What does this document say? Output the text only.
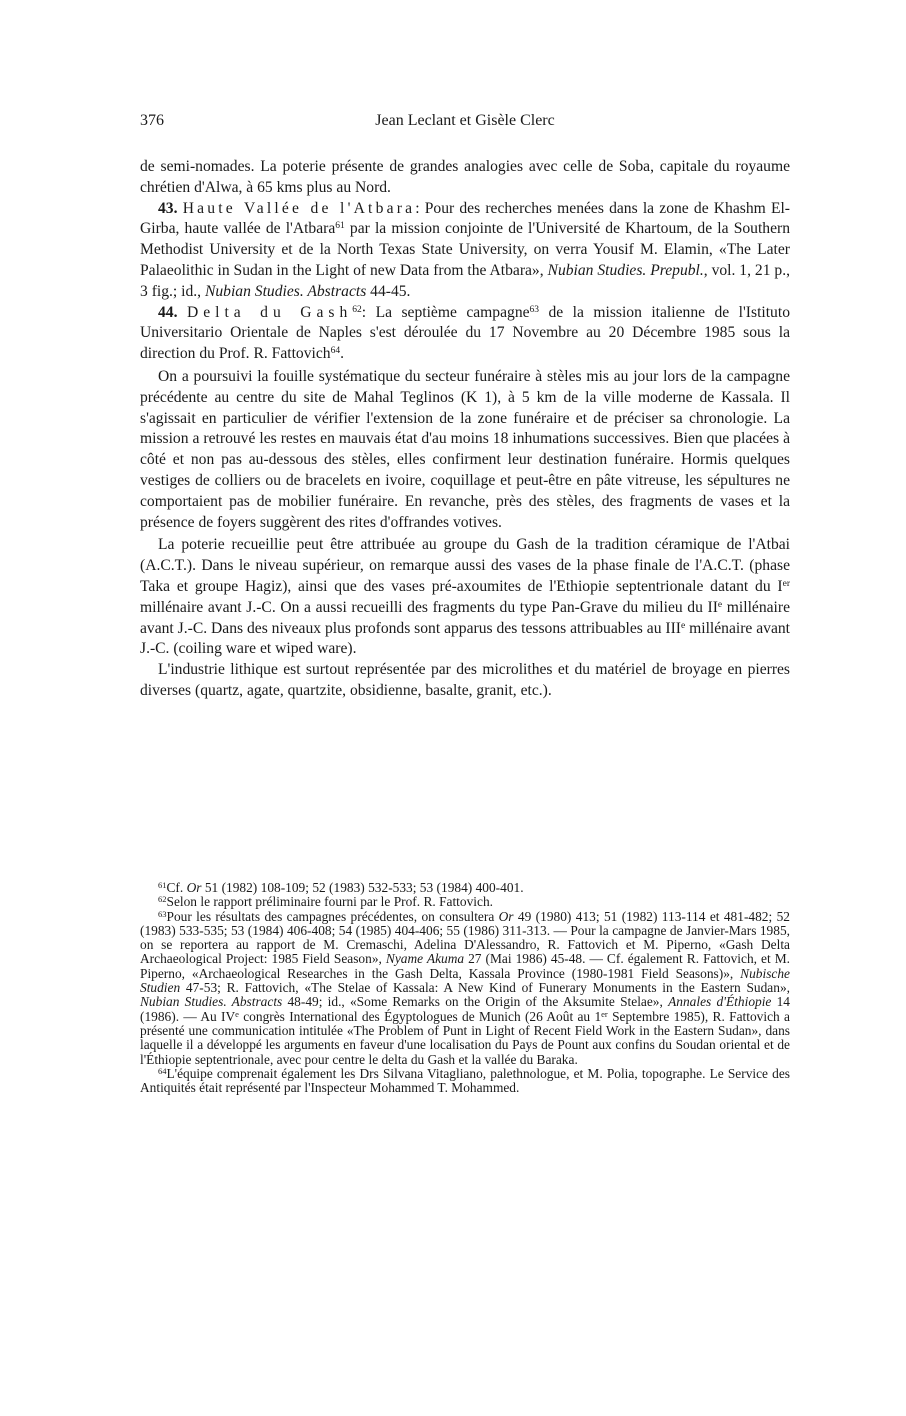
376	Jean Leclant et Gisèle Clerc

de semi-nomades. La poterie présente de grandes analogies avec celle de Soba, capitale du royaume chrétien d'Alwa, à 65 kms plus au Nord.

43. Haute Vallée de l'Atbara: Pour des recherches menées dans la zone de Khashm El-Girba, haute vallée de l'Atbara$^{61}$ par la mission conjointe de l'Université de Khartoum, de la Southern Methodist University et de la North Texas State University, on verra Yousif M. Elamin, «The Later Palaeolithic in Sudan in the Light of new Data from the Atbara», Nubian Studies. Prepubl., vol. 1, 21 p., 3 fig.; id., Nubian Studies. Abstracts 44-45.

44. Delta du Gash$^{62}$: La septième campagne$^{63}$ de la mission italienne de l'Istituto Universitario Orientale de Naples s'est déroulée du 17 Novembre au 20 Décembre 1985 sous la direction du Prof. R. Fattovich$^{64}$.

On a poursuivi la fouille systématique du secteur funéraire à stèles mis au jour lors de la campagne précédente au centre du site de Mahal Teglinos (K 1), à 5 km de la ville moderne de Kassala. Il s'agissait en particulier de vérifier l'extension de la zone funéraire et de préciser sa chronologie. La mission a retrouvé les restes en mauvais état d'au moins 18 inhumations successives. Bien que placées à côté et non pas au-dessous des stèles, elles confirment leur destination funéraire. Hormis quelques vestiges de colliers ou de bracelets en ivoire, coquillage et peut-être en pâte vitreuse, les sépultures ne comportaient pas de mobilier funéraire. En revanche, près des stèles, des fragments de vases et la présence de foyers suggèrent des rites d'offrandes votives.

La poterie recueillie peut être attribuée au groupe du Gash de la tradition céramique de l'Atbai (A.C.T.). Dans le niveau supérieur, on remarque aussi des vases de la phase finale de l'A.C.T. (phase Taka et groupe Hagiz), ainsi que des vases pré-axoumites de l'Ethiopie septentrionale datant du Ier millénaire avant J.-C. On a aussi recueilli des fragments du type Pan-Grave du milieu du IIe millénaire avant J.-C. Dans des niveaux plus profonds sont apparus des tessons attribuables au IIIe millénaire avant J.-C. (coiling ware et wiped ware).

L'industrie lithique est surtout représentée par des microlithes et du matériel de broyage en pierres diverses (quartz, agate, quartzite, obsidienne, basalte, granit, etc.).

$^{61}$Cf. Or 51 (1982) 108-109; 52 (1983) 532-533; 53 (1984) 400-401.

$^{62}$Selon le rapport préliminaire fourni par le Prof. R. Fattovich.

$^{63}$Pour les résultats des campagnes précédentes, on consultera Or 49 (1980) 413; 51 (1982) 113-114 et 481-482; 52 (1983) 533-535; 53 (1984) 406-408; 54 (1985) 404-406; 55 (1986) 311-313. — Pour la campagne de Janvier-Mars 1985, on se reportera au rapport de M. Cremaschi, Adelina D'Alessandro, R. Fattovich et M. Piperno, «Gash Delta Archaeological Project: 1985 Field Season», Nyame Akuma 27 (Mai 1986) 45-48. — Cf. également R. Fattovich, et M. Piperno, «Archaeological Researches in the Gash Delta, Kassala Province (1980-1981 Field Seasons)», Nubische Studien 47-53; R. Fattovich, «The Stelae of Kassala: A New Kind of Funerary Monuments in the Eastern Sudan», Nubian Studies. Abstracts 48-49; id., «Some Remarks on the Origin of the Aksumite Stelae», Annales d'Éthiopie 14 (1986). — Au IVe congrès International des Égyptologues de Munich (26 Août au 1er Septembre 1985), R. Fattovich a présenté une communication intitulée «The Problem of Punt in Light of Recent Field Work in the Eastern Sudan», dans laquelle il a développé les arguments en faveur d'une localisation du Pays de Pount aux confins du Soudan oriental et de l'Éthiopie septentrionale, avec pour centre le delta du Gash et la vallée du Baraka.

$^{64}$L'équipe comprenait également les Drs Silvana Vitagliano, palethnologue, et M. Polia, topographe. Le Service des Antiquités était représenté par l'Inspecteur Mohammed T. Mohammed.
